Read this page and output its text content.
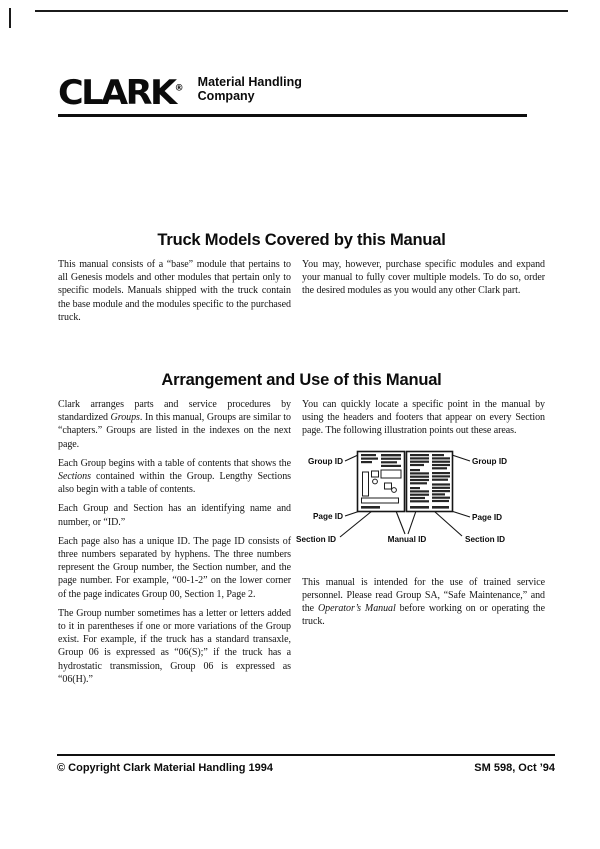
CLARK® Material Handling
Company
Truck Models Covered by this Manual

This manual consists of a “base” module that pertains to all Genesis models and other modules that pertain only to specific models. Manuals shipped with the truck contain the base module and the modules specific to the purchased truck.

You may, however, purchase specific modules and expand your manual to fully cover multiple models. To do so, order the desired modules as you would any other Clark part.

Arrangement and Use of this Manual

Clark arranges parts and service procedures by standardized Groups. In this manual, Groups are similar to “chapters.” Groups are listed in the indexes on the next page.

Each Group begins with a table of contents that shows the Sections contained within the Group. Lengthy Sections also begin with a table of contents.

Each Group and Section has an identifying name and number, or “ID.”

Each page also has a unique ID. The page ID consists of three numbers separated by hyphens. The three numbers represent the Group number, the Section number, and the page number. For example, “00-1-2” on the lower corner of the page indicates Group 00, Section 1, Page 2.

The Group number sometimes has a letter or letters added to it in parentheses if one or more variations of the Group exist. For example, if the truck has a standard transaxle, Group 06 is expressed as “06(S);” if the truck has a hydrostatic transmission, Group 06 is expressed as “06(H).”

You can quickly locate a specific point in the manual by using the headers and footers that appear on every Section page. The following illustration points out these areas.

Group ID	Group ID
Page ID	Page ID
Section ID	Manual ID	Section ID

This manual is intended for the use of trained service personnel. Please read Group SA, “Safe Maintenance,” and the Operator’s Manual before working on or operating the truck.

© Copyright Clark Material Handling 1994	SM 598, Oct ’94
